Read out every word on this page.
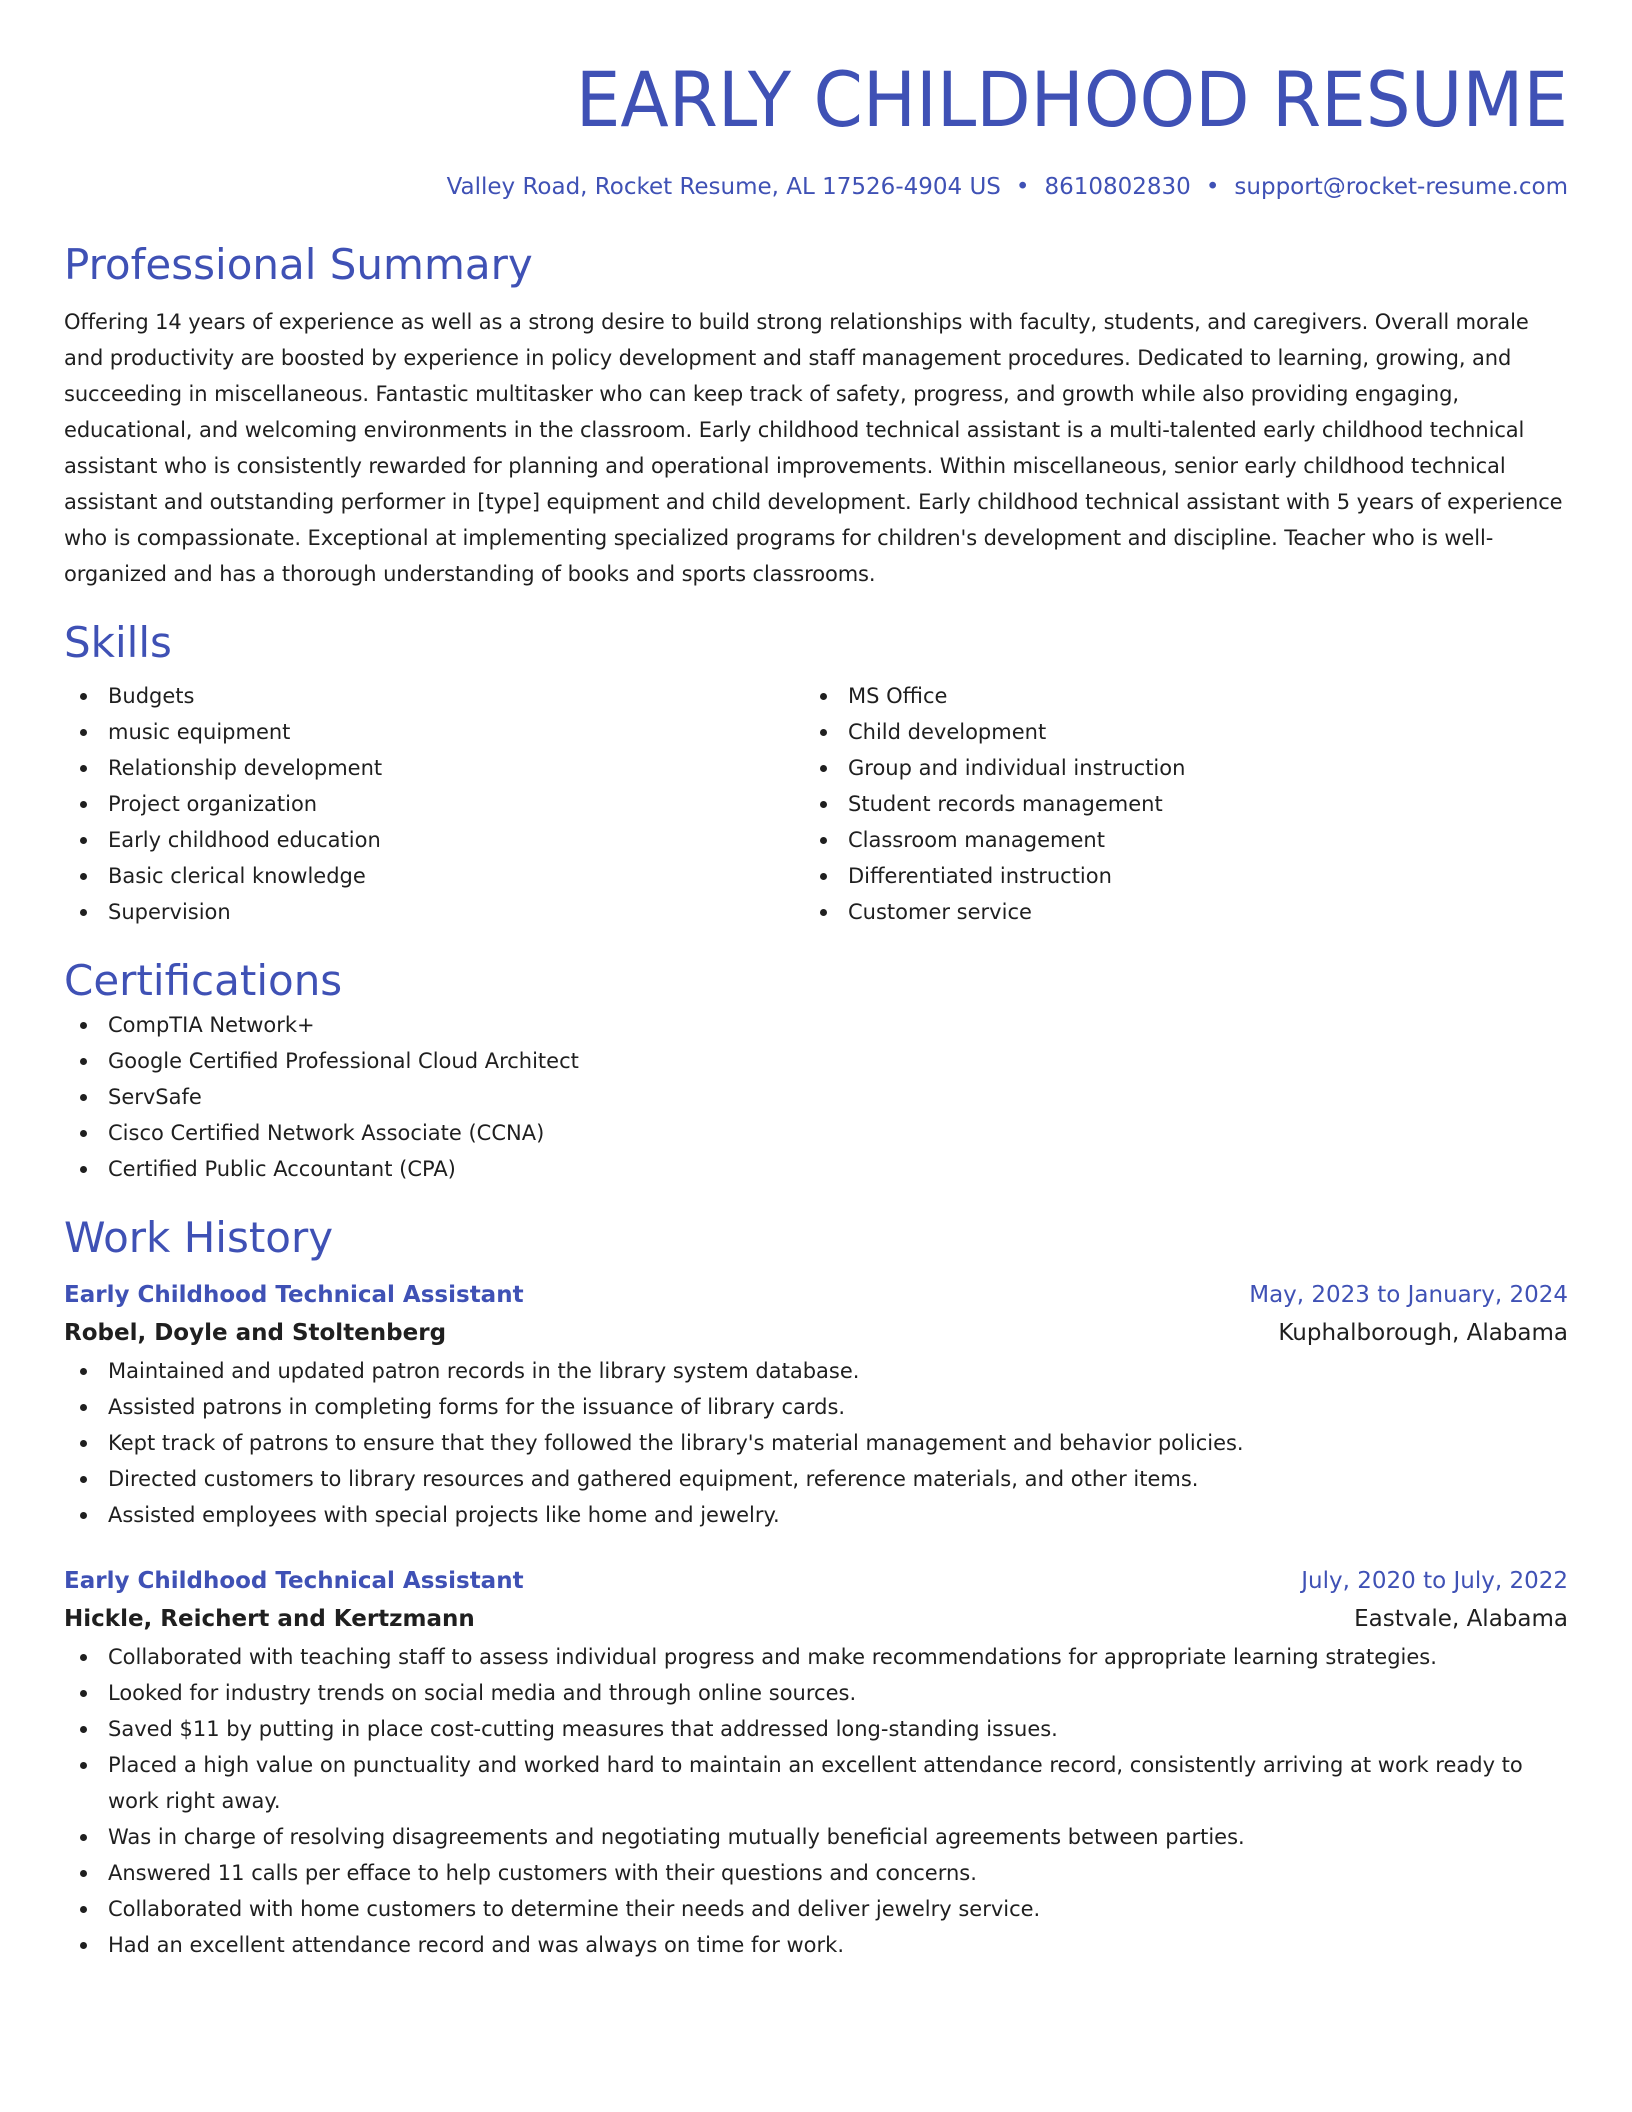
EARLY CHILDHOOD RESUME
Valley Road, Rocket Resume, AL 17526-4904 US • 8610802830 • support@rocket-resume.com
Professional Summary
Offering 14 years of experience as well as a strong desire to build strong relationships with faculty, students, and caregivers. Overall morale and productivity are boosted by experience in policy development and staff management procedures. Dedicated to learning, growing, and succeeding in miscellaneous. Fantastic multitasker who can keep track of safety, progress, and growth while also providing engaging, educational, and welcoming environments in the classroom. Early childhood technical assistant is a multi-talented early childhood technical assistant who is consistently rewarded for planning and operational improvements. Within miscellaneous, senior early childhood technical assistant and outstanding performer in [type] equipment and child development. Early childhood technical assistant with 5 years of experience who is compassionate. Exceptional at implementing specialized programs for children's development and discipline. Teacher who is well-organized and has a thorough understanding of books and sports classrooms.
Skills
Budgets
music equipment
Relationship development
Project organization
Early childhood education
Basic clerical knowledge
Supervision
MS Office
Child development
Group and individual instruction
Student records management
Classroom management
Differentiated instruction
Customer service
Certifications
CompTIA Network+
Google Certified Professional Cloud Architect
ServSafe
Cisco Certified Network Associate (CCNA)
Certified Public Accountant (CPA)
Work History
Early Childhood Technical Assistant	May, 2023 to January, 2024
Robel, Doyle and Stoltenberg	Kuphalborough, Alabama
Maintained and updated patron records in the library system database.
Assisted patrons in completing forms for the issuance of library cards.
Kept track of patrons to ensure that they followed the library's material management and behavior policies.
Directed customers to library resources and gathered equipment, reference materials, and other items.
Assisted employees with special projects like home and jewelry.
Early Childhood Technical Assistant	July, 2020 to July, 2022
Hickle, Reichert and Kertzmann	Eastvale, Alabama
Collaborated with teaching staff to assess individual progress and make recommendations for appropriate learning strategies.
Looked for industry trends on social media and through online sources.
Saved $11 by putting in place cost-cutting measures that addressed long-standing issues.
Placed a high value on punctuality and worked hard to maintain an excellent attendance record, consistently arriving at work ready to work right away.
Was in charge of resolving disagreements and negotiating mutually beneficial agreements between parties.
Answered 11 calls per efface to help customers with their questions and concerns.
Collaborated with home customers to determine their needs and deliver jewelry service.
Had an excellent attendance record and was always on time for work.
